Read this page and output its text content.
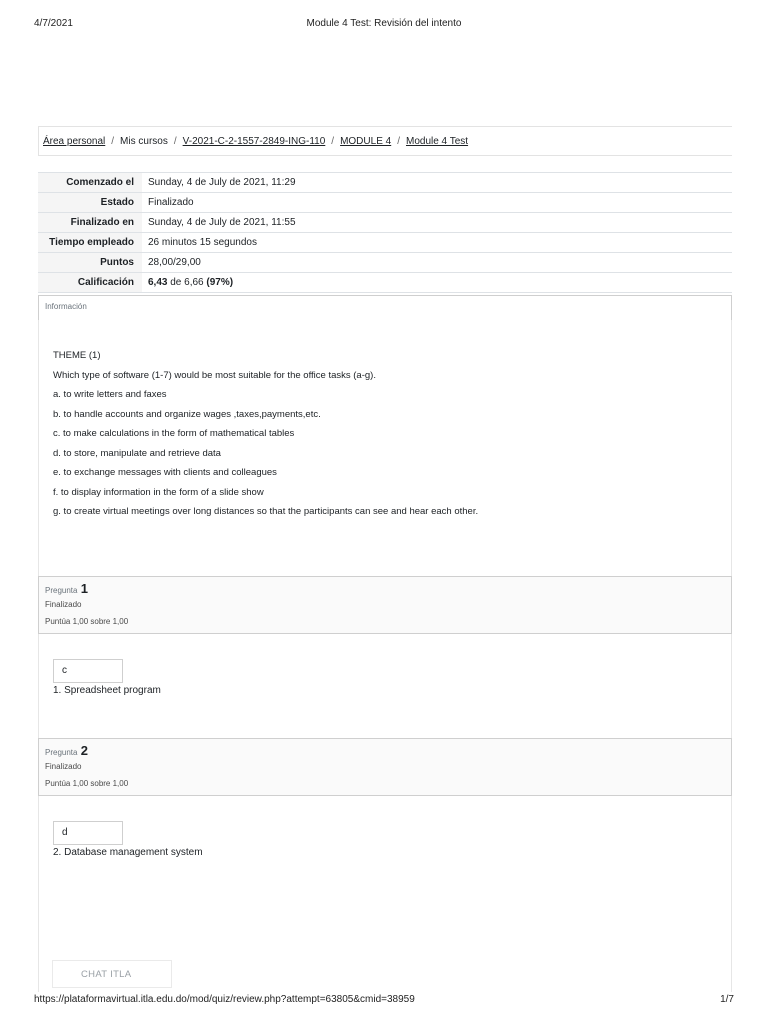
4/7/2021	Module 4 Test: Revisión del intento
Área personal / Mis cursos / V-2021-C-2-1557-2849-ING-110 / MODULE 4 / Module 4 Test
Comenzado el	Sunday, 4 de July de 2021, 11:29
Estado	Finalizado
Finalizado en	Sunday, 4 de July de 2021, 11:55
Tiempo empleado	26 minutos 15 segundos
Puntos	28,00/29,00
Calificación	6,43 de 6,66 (97%)
Información

THEME (1)

Which type of software (1-7) would be most suitable for the office tasks (a-g).

a. to write letters and faxes

b. to handle accounts and organize wages ,taxes,payments,etc.

c. to make calculations in the form of mathematical tables

d. to store, manipulate and retrieve data

e. to exchange messages with clients and colleagues

f. to display information in the form of a slide show

g. to create virtual meetings over long distances so that the participants can see and hear each other.

Pregunta 1
Finalizado
Puntúa 1,00 sobre 1,00
c
1. Spreadsheet program
Pregunta 2
Finalizado
Puntúa 1,00 sobre 1,00
d
2. Database management system
CHAT ITLA
https://plataformavirtual.itla.edu.do/mod/quiz/review.php?attempt=63805&cmid=38959	1/7
